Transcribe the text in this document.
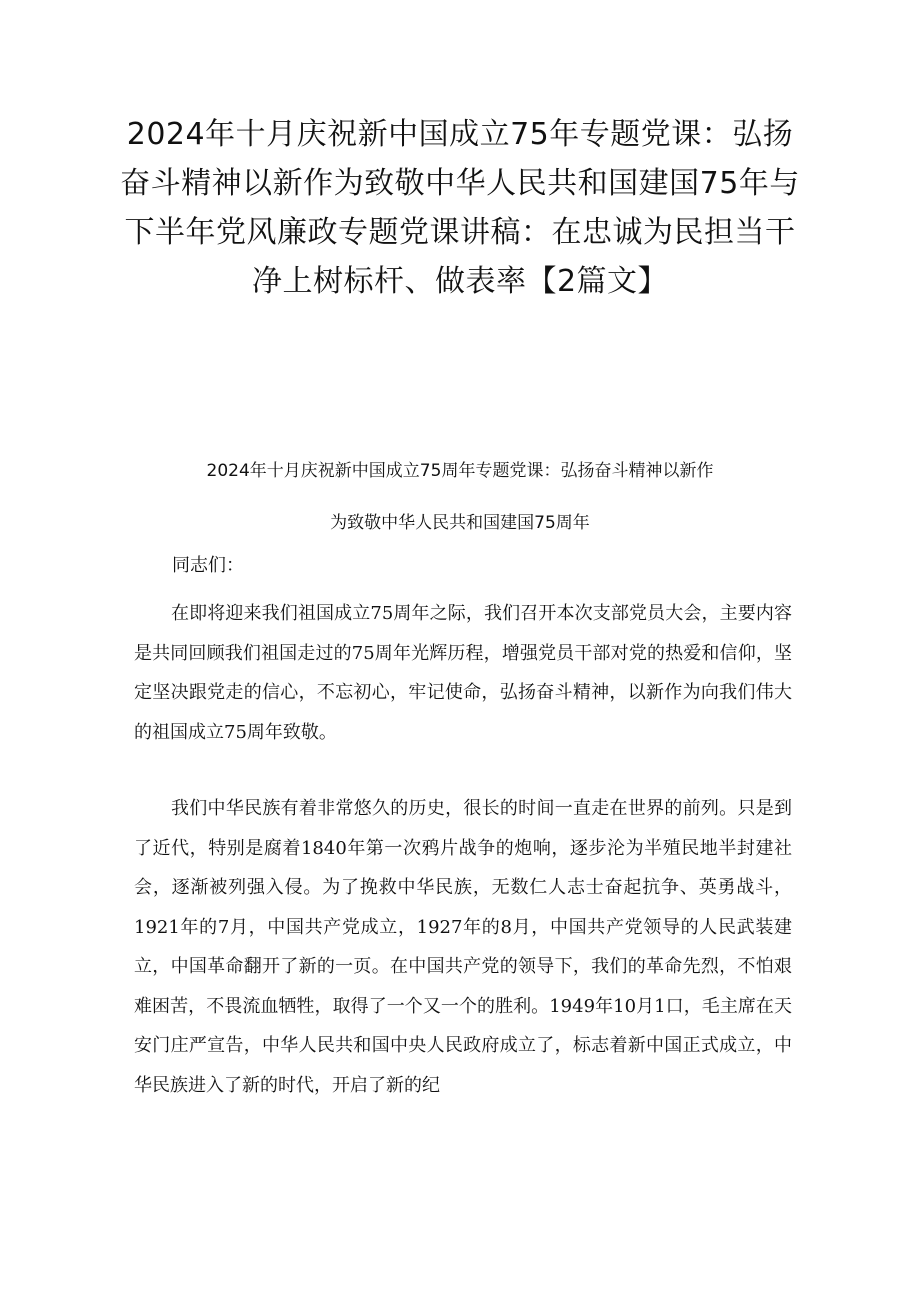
2024年十月庆祝新中国成立75年专题党课：弘扬奋斗精神以新作为致敬中华人民共和国建国75年与下半年党风廉政专题党课讲稿：在忠诚为民担当干净上树标杆、做表率【2篇文】
2024年十月庆祝新中国成立75周年专题党课：弘扬奋斗精神以新作
为致敬中华人民共和国建国75周年
同志们：

在即将迎来我们祖国成立75周年之际，我们召开本次支部党员大会，主要内容是共同回顾我们祖国走过的75周年光辉历程，增强党员干部对党的热爱和信仰，坚定坚决跟党走的信心，不忘初心，牢记使命，弘扬奋斗精神，以新作为向我们伟大的祖国成立75周年致敬。

我们中华民族有着非常悠久的历史，很长的时间一直走在世界的前列。只是到了近代，特别是腐着1840年第一次鸦片战争的炮响，逐步沦为半殖民地半封建社会，逐渐被列强入侵。为了挽救中华民族，无数仁人志士奋起抗争、英勇战斗，1921年的7月，中国共产党成立，1927年的8月，中国共产党领导的人民武装建立，中国革命翻开了新的一页。在中国共产党的领导下，我们的革命先烈，不怕艰难困苦，不畏流血牺牲，取得了一个又一个的胜利。1949年10月1口，毛主席在天安门庄严宣告，中华人民共和国中央人民政府成立了，标志着新中国正式成立，中华民族进入了新的时代，开启了新的纪
